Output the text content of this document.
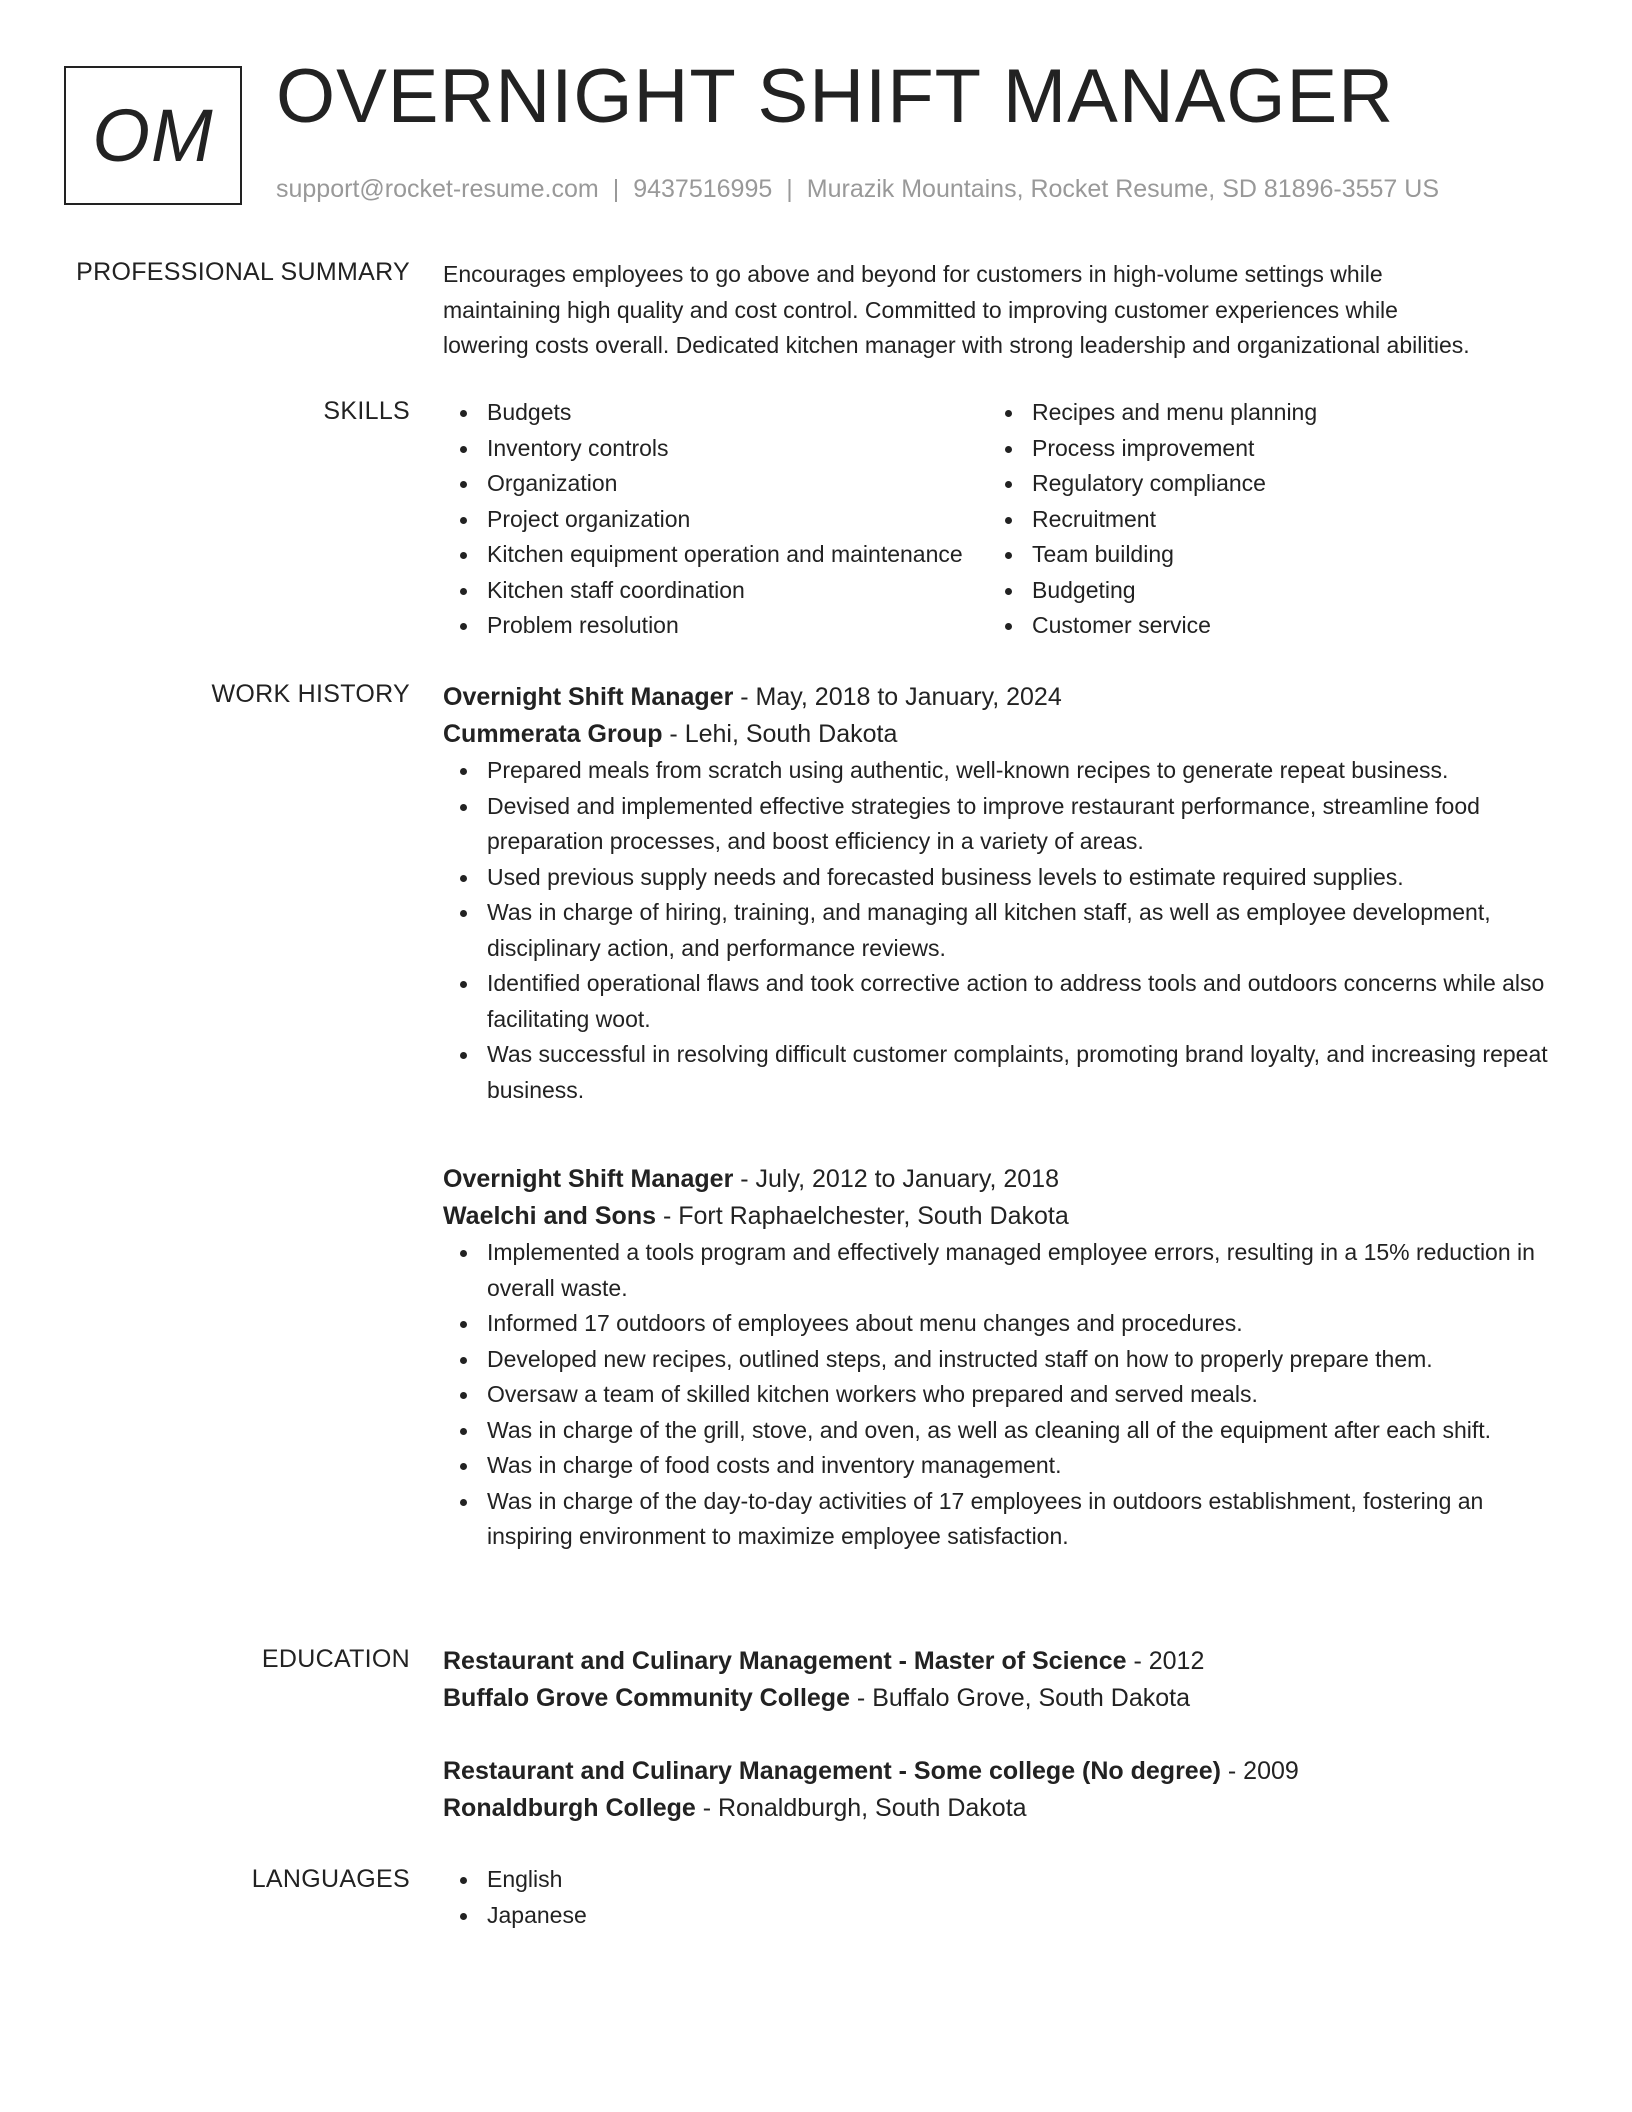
OM OVERNIGHT SHIFT MANAGER
support@rocket-resume.com | 9437516995 | Murazik Mountains, Rocket Resume, SD 81896-3557 US
PROFESSIONAL SUMMARY Encourages employees to go above and beyond for customers in high-volume settings while

maintaining high quality and cost control. Committed to improving customer experiences while

lowering costs overall. Dedicated kitchen manager with strong leadership and organizational abilities.

SKILLS	Budgets
Inventory controls
Organization
Project organization
Kitchen equipment operation and maintenance
Kitchen staff coordination
Problem resolution
Recipes and menu planning
Process improvement
Regulatory compliance
Recruitment
Team building
Budgeting
Customer service
WORK HISTORY Overnight Shift Manager - May, 2018 to January, 2024
Cummerata Group - Lehi, South Dakota
Prepared meals from scratch using authentic, well-known recipes to generate repeat business.
Devised and implemented effective strategies to improve restaurant performance, streamline food preparation processes, and boost efficiency in a variety of areas.
Used previous supply needs and forecasted business levels to estimate required supplies.
Was in charge of hiring, training, and managing all kitchen staff, as well as employee development, disciplinary action, and performance reviews.
Identified operational flaws and took corrective action to address tools and outdoors concerns while also facilitating woot.
Was successful in resolving difficult customer complaints, promoting brand loyalty, and increasing repeat business.
Overnight Shift Manager - July, 2012 to January, 2018
Waelchi and Sons - Fort Raphaelchester, South Dakota
Implemented a tools program and effectively managed employee errors, resulting in a 15% reduction in overall waste.
Informed 17 outdoors of employees about menu changes and procedures.
Developed new recipes, outlined steps, and instructed staff on how to properly prepare them.
Oversaw a team of skilled kitchen workers who prepared and served meals.
Was in charge of the grill, stove, and oven, as well as cleaning all of the equipment after each shift.
Was in charge of food costs and inventory management.
Was in charge of the day-to-day activities of 17 employees in outdoors establishment, fostering an inspiring environment to maximize employee satisfaction.
EDUCATION Restaurant and Culinary Management - Master of Science - 2012
Buffalo Grove Community College - Buffalo Grove, South Dakota
Restaurant and Culinary Management - Some college (No degree) - 2009
Ronaldburgh College - Ronaldburgh, South Dakota
LANGUAGES	English
Japanese
